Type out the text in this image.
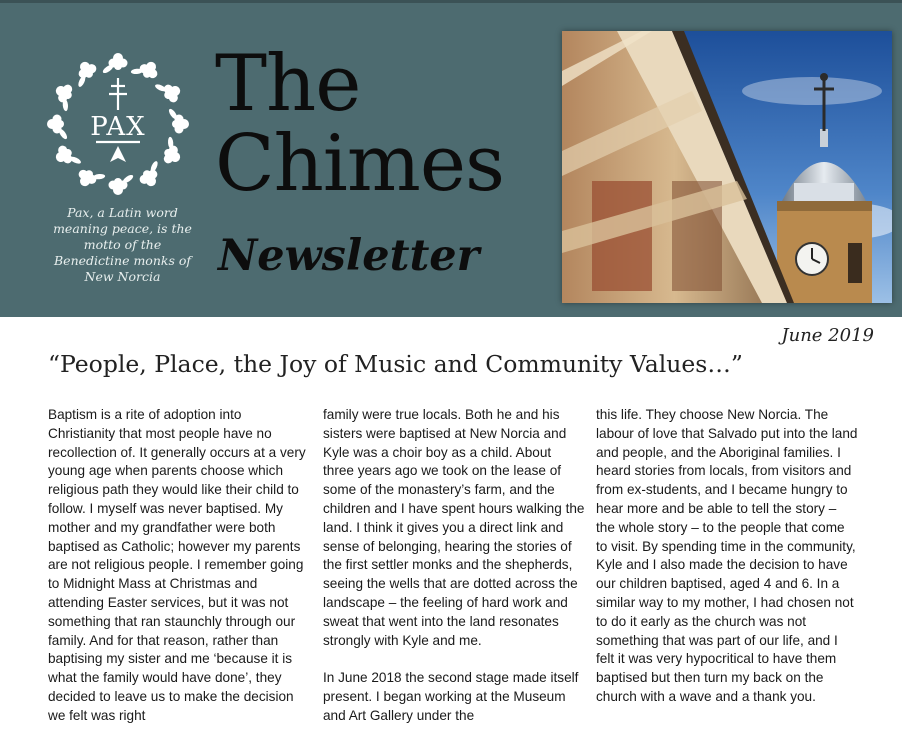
PAX
Pax, a Latin word meaning peace, is the motto of the Benedictine monks of New Norcia
The
Chimes
Newsletter
June 2019
“People, Place, the Joy of Music and Community Values…”

Baptism is a rite of adoption into Christianity that most people have no recollection of. It generally occurs at a very young age when parents choose which religious path they would like their child to follow. I myself was never baptised. My mother and my grandfather were both baptised as Catholic; however my parents are not religious people. I remember going to Midnight Mass at Christmas and attending Easter services, but it was not something that ran staunchly through our family. And for that reason, rather than baptising my sister and me ‘because it is what the family would have done’, they decided to leave us to make the decision we felt was right

family were true locals. Both he and his sisters were baptised at New Norcia and Kyle was a choir boy as a child. About three years ago we took on the lease of some of the monastery’s farm, and the children and I have spent hours walking the land. I think it gives you a direct link and sense of belonging, hearing the stories of the first settler monks and the shepherds, seeing the wells that are dotted across the landscape – the feeling of hard work and sweat that went into the land resonates strongly with Kyle and me.

In June 2018 the second stage made itself present. I began working at the Museum and Art Gallery under the

this life. They choose New Norcia. The labour of love that Salvado put into the land and people, and the Aboriginal families. I heard stories from locals, from visitors and from ex-students, and I became hungry to hear more and be able to tell the story – the whole story – to the people that come to visit. By spending time in the community, Kyle and I also made the decision to have our children baptised, aged 4 and 6. In a similar way to my mother, I had chosen not to do it early as the church was not something that was part of our life, and I felt it was very hypocritical to have them baptised but then turn my back on the church with a wave and a thank you.
